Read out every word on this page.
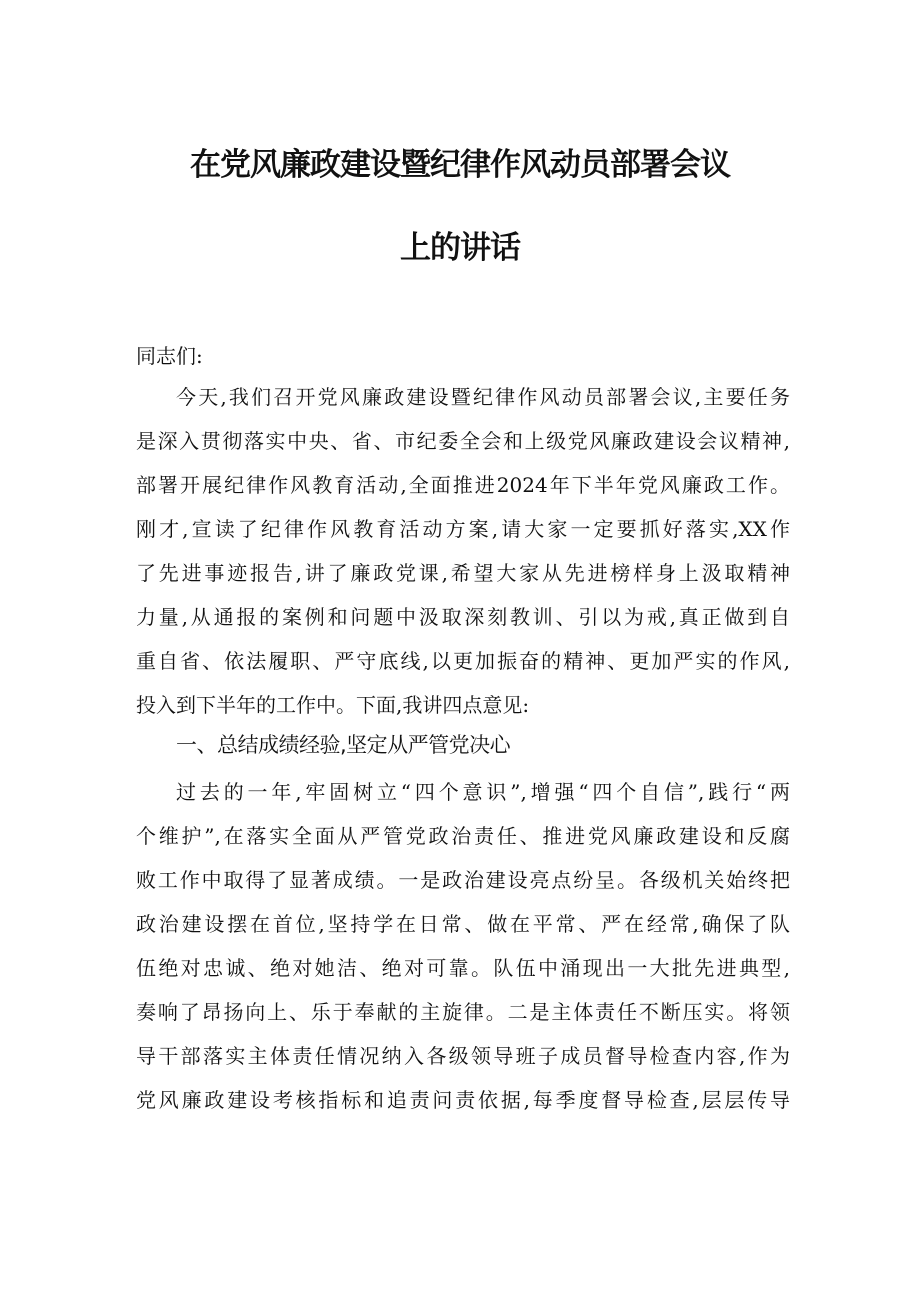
在党风廉政建设暨纪律作风动员部署会议
上的讲话
同志们:
今天,我们召开党风廉政建设暨纪律作风动员部署会议,主要任务
是深入贯彻落实中央、省、市纪委全会和上级党风廉政建设会议精神,
部署开展纪律作风教育活动,全面推进2024年下半年党风廉政工作。
刚才,宣读了纪律作风教育活动方案,请大家一定要抓好落实,XX作
了先进事迹报告,讲了廉政党课,希望大家从先进榜样身上汲取精神
力量,从通报的案例和问题中汲取深刻教训、引以为戒,真正做到自
重自省、依法履职、严守底线,以更加振奋的精神、更加严实的作风,
投入到下半年的工作中。下面,我讲四点意见:
一、总结成绩经验,坚定从严管党决心
过去的一年,牢固树立“四个意识”,增强“四个自信”,践行“两
个维护”,在落实全面从严管党政治责任、推进党风廉政建设和反腐
败工作中取得了显著成绩。一是政治建设亮点纷呈。各级机关始终把
政治建设摆在首位,坚持学在日常、做在平常、严在经常,确保了队
伍绝对忠诚、绝对她洁、绝对可靠。队伍中涌现出一大批先进典型,
奏响了昂扬向上、乐于奉献的主旋律。二是主体责任不断压实。将领
导干部落实主体责任情况纳入各级领导班子成员督导检查内容,作为
党风廉政建设考核指标和追责问责依据,每季度督导检查,层层传导
